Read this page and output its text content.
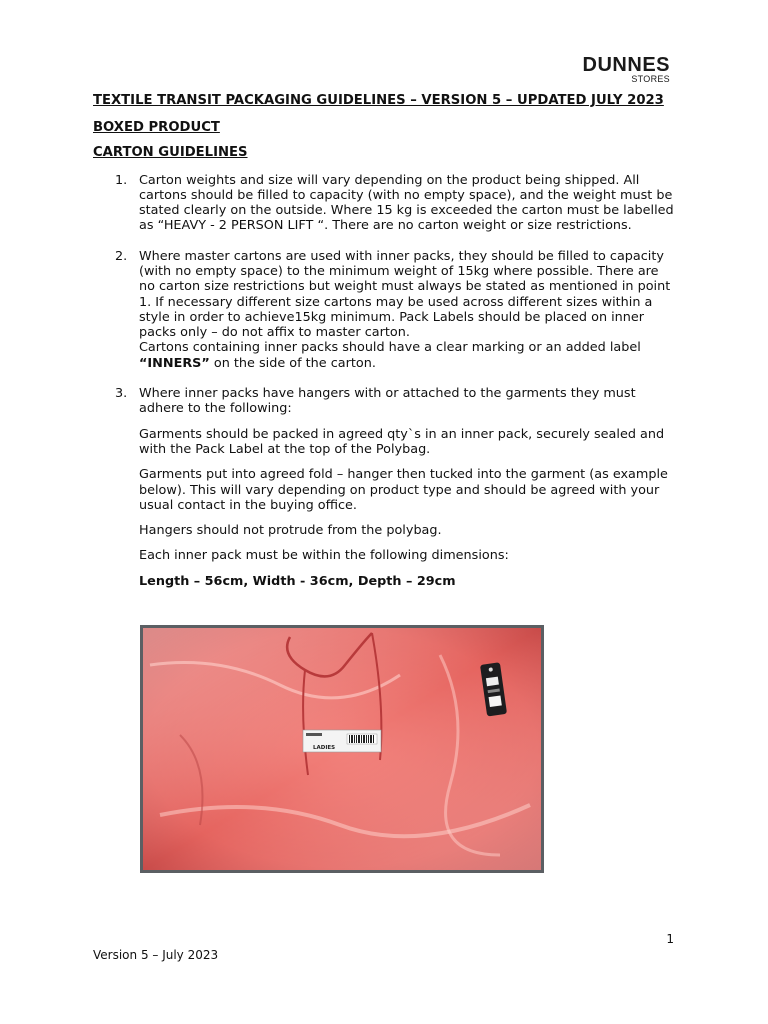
DUNNES
STORES

TEXTILE TRANSIT PACKAGING GUIDELINES – VERSION 5 – UPDATED JULY 2023

BOXED PRODUCT

CARTON GUIDELINES

1. Carton weights and size will vary depending on the product being shipped. All cartons should be filled to capacity (with no empty space), and the weight must be stated clearly on the outside. Where 15 kg is exceeded the carton must be labelled as “HEAVY - 2 PERSON LIFT “. There are no carton weight or size restrictions.

2. Where master cartons are used with inner packs, they should be filled to capacity (with no empty space) to the minimum weight of 15kg where possible. There are no carton size restrictions but weight must always be stated as mentioned in point 1. If necessary different size cartons may be used across different sizes within a style in order to achieve15kg minimum. Pack Labels should be placed on inner packs only – do not affix to master carton.

Cartons containing inner packs should have a clear marking or an added label
“INNERS” on the side of the carton.

3. Where inner packs have hangers with or attached to the garments they must adhere to the following:

Garments should be packed in agreed qty`s in an inner pack, securely sealed and with the Pack Label at the top of the Polybag.

Garments put into agreed fold – hanger then tucked into the garment (as example below). This will vary depending on product type and should be agreed with your usual contact in the buying office.

Hangers should not protrude from the polybag.

Each inner pack must be within the following dimensions:

Length – 56cm, Width - 36cm, Depth – 29cm

LADIES
1
Version 5 – July 2023
